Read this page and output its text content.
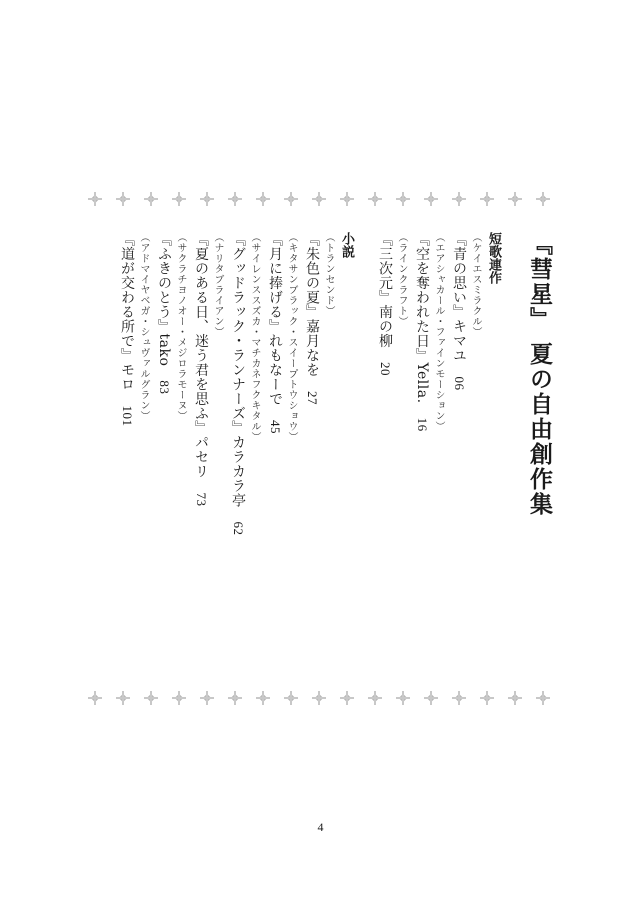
『彗星』 夏の自由創作集
短歌連作
（ケイエスミラクル）
『青の思い』キマユ06
（エアシャカール・ファインモーション）
『空を奪われた日』Yella.16
（ラインクラフト）
『三次元』南の柳20
小説
（トランセンド）
『朱色の夏』嘉月なを27
（キタサンブラック・スイープトウショウ）
『月に捧げる』れもなーで45
（サイレンススズカ・マチカネフクキタル）
『グッドラック・ランナーズ』カラカラ亭62
（ナリタブライアン）
『夏のある日、迷う君を思ふ』パセリ73
（サクラチヨノオー・メジロラモーヌ）
『ふきのとう』tako83
（アドマイヤベガ・シュヴァルグラン）
『道が交わる所で』モロ101
4
